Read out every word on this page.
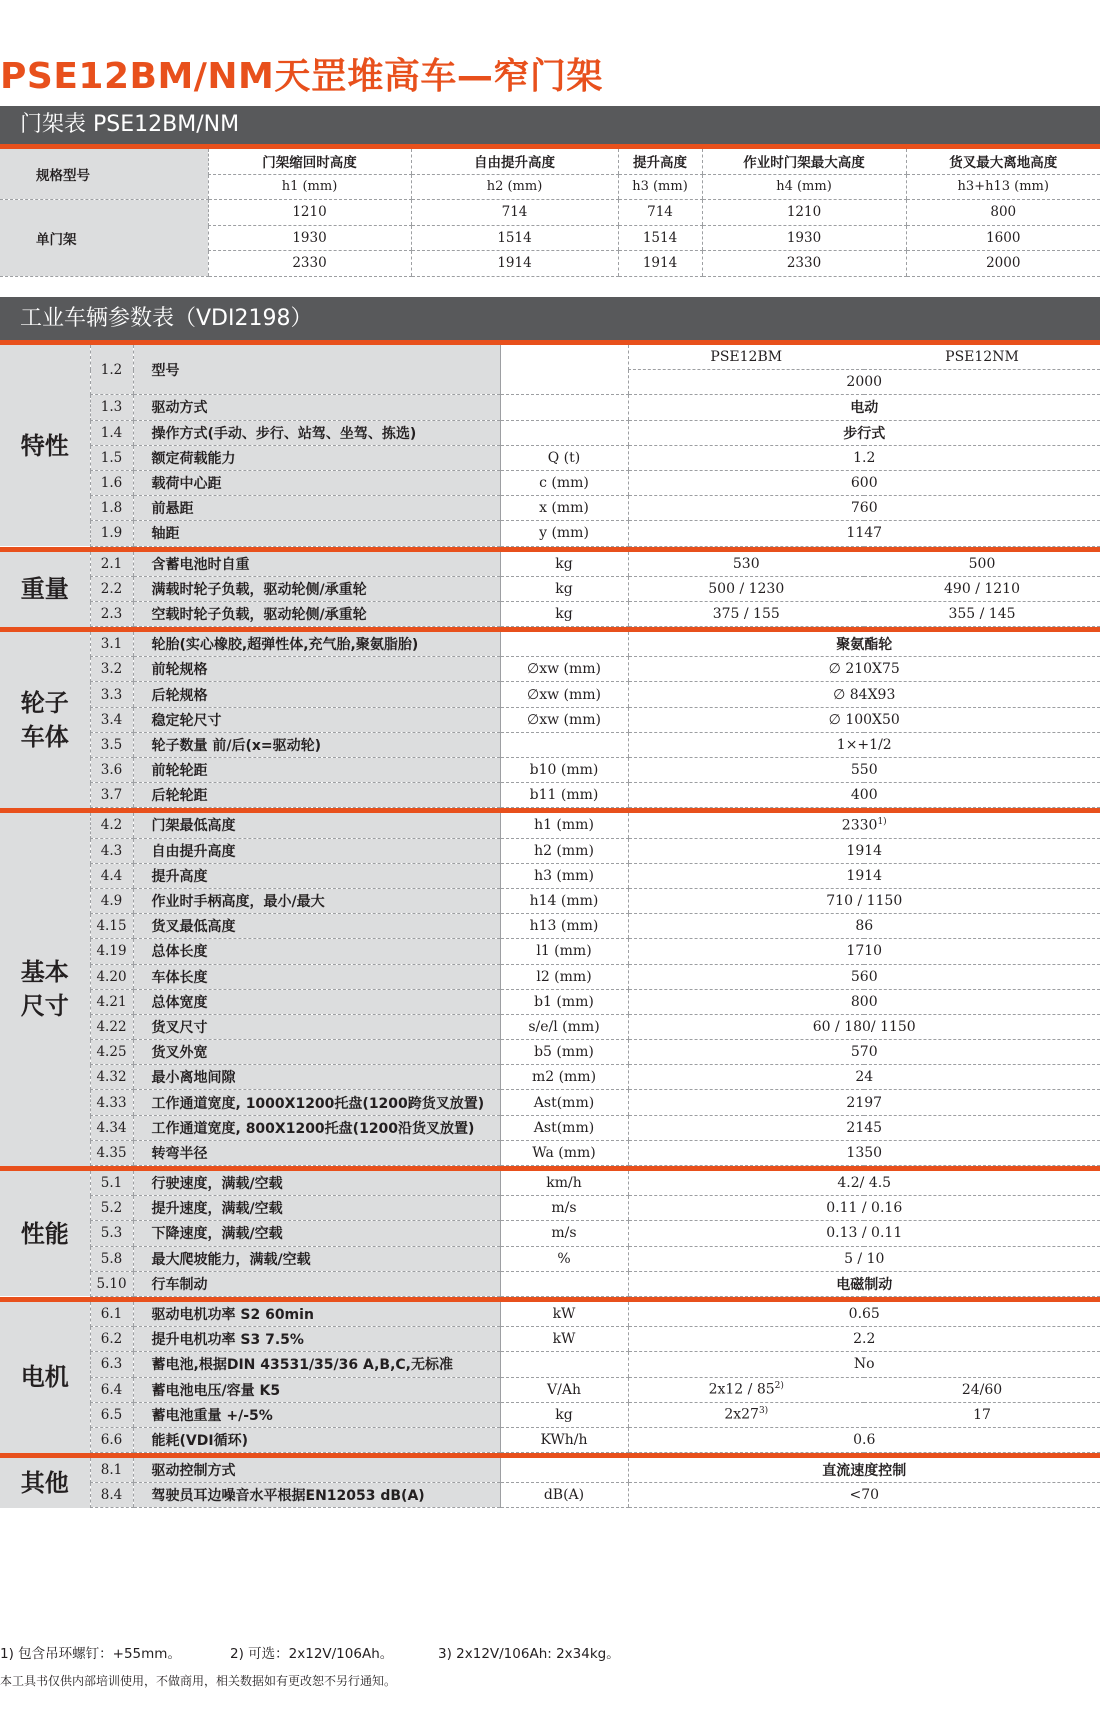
PSE12BM/NM天罡堆高车—窄门架
门架表 PSE12BM/NM
规格型号	门架缩回时高度	自由提升高度	提升高度	作业时门架最大高度	货叉最大离地高度
	h1 (mm)	h2 (mm)	h3 (mm)	h4 (mm)	h3+h13 (mm)
单门架	1210	714	714	1210	800
	1930	1514	1514	1930	1600
	2330	1914	1914	2330	2000
工业车辆参数表（VDI2198）
特性	1.2	型号		PSE12BM	PSE12NM
				2000	
	1.3	驱动方式		电动	
	1.4	操作方式(手动、步行、站驾、坐驾、拣选)		步行式	
	1.5	额定荷载能力	Q (t)	1.2	
	1.6	载荷中心距	c (mm)	600	
	1.8	前悬距	x (mm)	760	
	1.9	轴距	y (mm)	1147	

重量	2.1	含蓄电池时自重	kg	530	500
	2.2	满载时轮子负载，驱动轮侧/承重轮	kg	500 / 1230	490 / 1210
	2.3	空载时轮子负载，驱动轮侧/承重轮	kg	375 / 155	355 / 145

轮子车体	3.1	轮胎(实心橡胶,超弹性体,充气胎,聚氨脂胎)		聚氨酯轮	
	3.2	前轮规格	∅xw (mm)	∅ 210X75	
	3.3	后轮规格	∅xw (mm)	∅ 84X93	
	3.4	稳定轮尺寸	∅xw (mm)	∅ 100X50	
	3.5	轮子数量 前/后(x=驱动轮)		1×+1/2	
	3.6	前轮轮距	b10 (mm)	550	
	3.7	后轮轮距	b11 (mm)	400	

基本尺寸	4.2	门架最低高度	h1 (mm)	2330$^{1)}$
	4.3	自由提升高度	h2 (mm)	1914	
	4.4	提升高度	h3 (mm)	1914	
	4.9	作业时手柄高度，最小/最大	h14 (mm)	710 / 1150	
	4.15	货叉最低高度	h13 (mm)	86	
	4.19	总体长度	l1 (mm)	1710	
	4.20	车体长度	l2 (mm)	560	
	4.21	总体宽度	b1 (mm)	800	
	4.22	货叉尺寸	s/e/l (mm)	60 / 180/ 1150	
	4.25	货叉外宽	b5 (mm)	570	
	4.32	最小离地间隙	m2 (mm)	24	
	4.33	工作通道宽度, 1000X1200托盘(1200跨货叉放置)	Ast(mm)	2197	
	4.34	工作通道宽度, 800X1200托盘(1200沿货叉放置)	Ast(mm)	2145	
	4.35	转弯半径	Wa (mm)	1350	

性能	5.1	行驶速度，满载/空载	km/h	4.2/ 4.5	
	5.2	提升速度，满载/空载	m/s	0.11 / 0.16	
	5.3	下降速度，满载/空载	m/s	0.13 / 0.11	
	5.8	最大爬坡能力，满载/空载	%	5 / 10	
	5.10	行车制动		电磁制动	

电机	6.1	驱动电机功率 S2 60min	kW	0.65	
	6.2	提升电机功率 S3 7.5%	kW	2.2	
	6.3	蓄电池,根据DIN 43531/35/36 A,B,C,无标准		No	
	6.4	蓄电池电压/容量 K5	V/Ah	2x12 / 85$^{2)}$	24/60
	6.5	蓄电池重量 +/-5%	kg	2x27$^{3)}$	17
	6.6	能耗(VDI循环)	KWh/h	0.6	

其他	8.1	驱动控制方式		直流速度控制	
	8.4	驾驶员耳边噪音水平根据EN12053 dB(A)	dB(A)	<70	
1) 包含吊环螺钉：+55mm。	2) 可选：2x12V/106Ah。	3) 2x12V/106Ah: 2x34kg。
本工具书仅供内部培训使用，不做商用，相关数据如有更改恕不另行通知。
